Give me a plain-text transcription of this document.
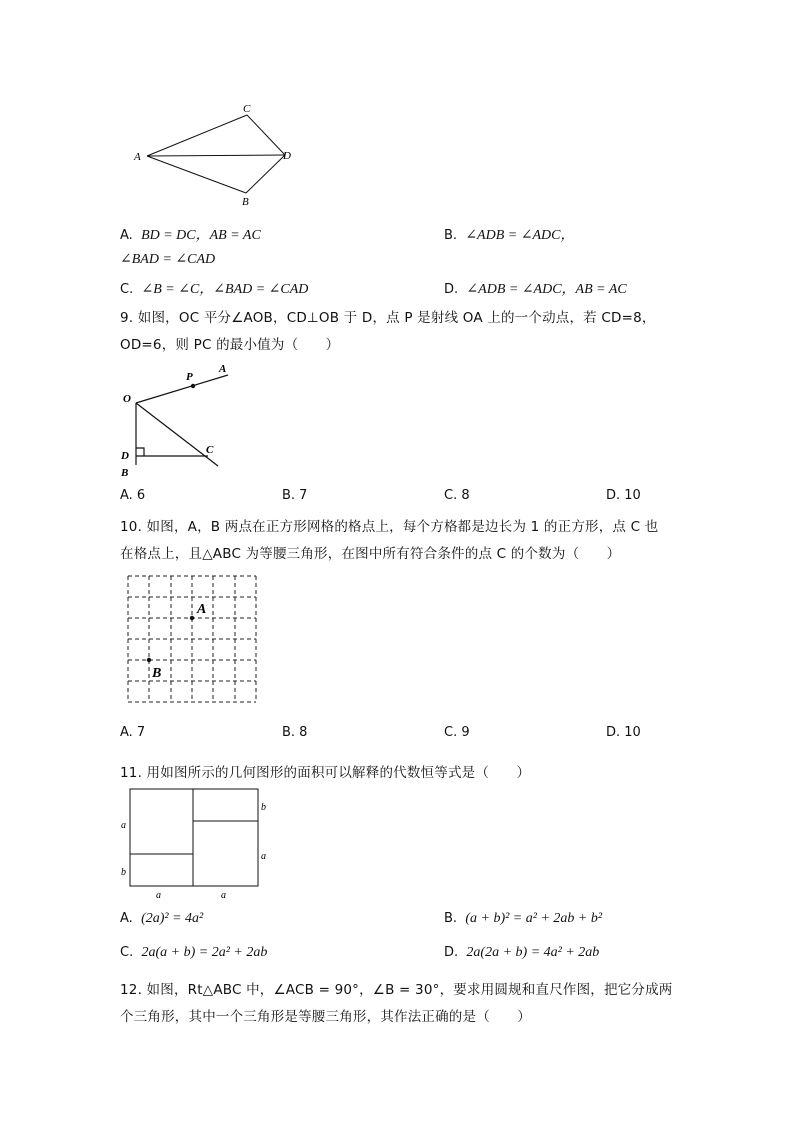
C
A	D
B
A. BD = DC，AB = AC	B. ∠ADB = ∠ADC，
∠BAD = ∠CAD
C. ∠B = ∠C，∠BAD = ∠CAD	D. ∠ADB = ∠ADC，AB = AC
9. 如图，OC 平分∠AOB，CD⊥OB 于 D，点 P 是射线 OA 上的一个动点，若 CD=8，
OD=6，则 PC 的最小值为（　　）
O
P
A
D	C
B
A. 6	B. 7	C. 8	D. 10
10. 如图，A，B 两点在正方形网格的格点上，每个方格都是边长为 1 的正方形，点 C 也
在格点上，且△ABC 为等腰三角形，在图中所有符合条件的点 C 的个数为（　　）
A
B
A. 7	B. 8	C. 9	D. 10
11. 用如图所示的几何图形的面积可以解释的代数恒等式是（　　）
a
b
b
a
a	a
A. (2a)² = 4a²	B. (a + b)² = a² + 2ab + b²
C. 2a(a + b) = 2a² + 2ab	D. 2a(2a + b) = 4a² + 2ab
12. 如图，Rt△ABC 中，∠ACB = 90°，∠B = 30°，要求用圆规和直尺作图，把它分成两
个三角形，其中一个三角形是等腰三角形，其作法正确的是（　　）
